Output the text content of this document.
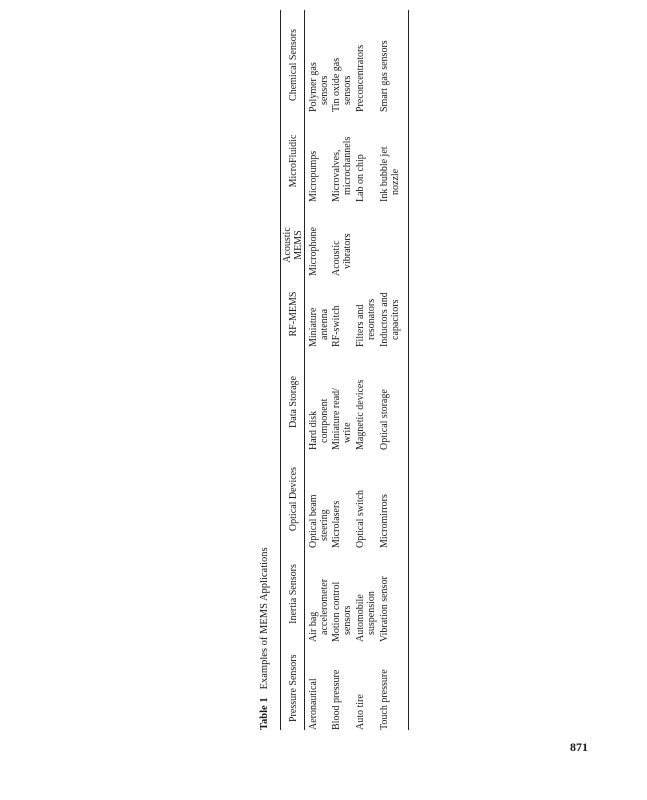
Table 1Examples of MEMS Applications	Pressure Sensors
Inertia Sensors
Optical Devices
Data Storage
RF-MEMS
Acoustic MEMS
MicroFluidic
Chemical Sensors
Aeronautical
Air bag accelerometer
Optical beam steering
Hard disk component
Miniature antenna
Microphone
Micropumps
Polymer gas sensors
Blood pressure
Motion control sensors
Microlasers
Miniature read/ write
RF-switch
Acoustic vibrators
Microvalves, microchannels
Tin oxide gas sensors
Auto tire
Automobile suspension
Optical switch
Magnetic devices
Filters and resonators
Lab on chip
Preconcentrators
Touch pressure
Vibration sensor
Micromirrors
Optical storage
Inductors and capacitors
Ink bubble jet nozzle
Smart gas sensors
871
